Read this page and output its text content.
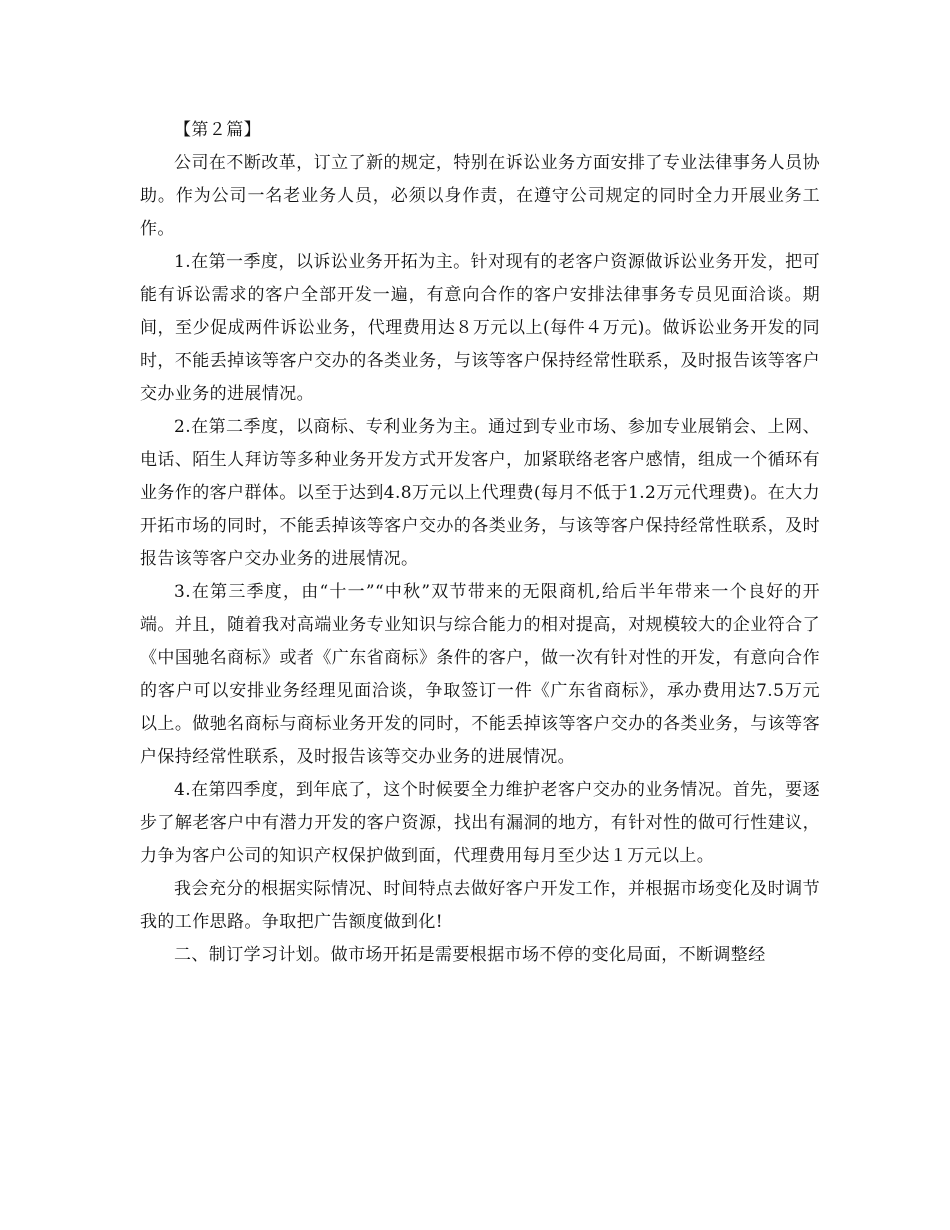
【第２篇】

公司在不断改革，订立了新的规定，特别在诉讼业务方面安排了专业法律事务人员协助。作为公司一名老业务人员，必须以身作责，在遵守公司规定的同时全力开展业务工作。

1.在第一季度，以诉讼业务开拓为主。针对现有的老客户资源做诉讼业务开发，把可能有诉讼需求的客户全部开发一遍，有意向合作的客户安排法律事务专员见面洽谈。期间，至少促成两件诉讼业务，代理费用达８万元以上(每件４万元)。做诉讼业务开发的同时，不能丢掉该等客户交办的各类业务，与该等客户保持经常性联系，及时报告该等客户交办业务的进展情况。

2.在第二季度，以商标、专利业务为主。通过到专业市场、参加专业展销会、上网、电话、陌生人拜访等多种业务开发方式开发客户，加紧联络老客户感情，组成一个循环有业务作的客户群体。以至于达到4.8万元以上代理费(每月不低于1.2万元代理费)。在大力开拓市场的同时，不能丢掉该等客户交办的各类业务，与该等客户保持经常性联系，及时报告该等客户交办业务的进展情况。

3.在第三季度，由“十一”“中秋”双节带来的无限商机,给后半年带来一个良好的开端。并且，随着我对高端业务专业知识与综合能力的相对提高，对规模较大的企业符合了《中国驰名商标》或者《广东省商标》条件的客户，做一次有针对性的开发，有意向合作的客户可以安排业务经理见面洽谈，争取签订一件《广东省商标》，承办费用达7.5万元以上。做驰名商标与商标业务开发的同时，不能丢掉该等客户交办的各类业务，与该等客户保持经常性联系，及时报告该等交办业务的进展情况。

4.在第四季度，到年底了，这个时候要全力维护老客户交办的业务情况。首先，要逐步了解老客户中有潜力开发的客户资源，找出有漏洞的地方，有针对性的做可行性建议，力争为客户公司的知识产权保护做到面，代理费用每月至少达１万元以上。

我会充分的根据实际情况、时间特点去做好客户开发工作，并根据市场变化及时调节我的工作思路。争取把广告额度做到化!

二、制订学习计划。做市场开拓是需要根据市场不停的变化局面，不断调整经
